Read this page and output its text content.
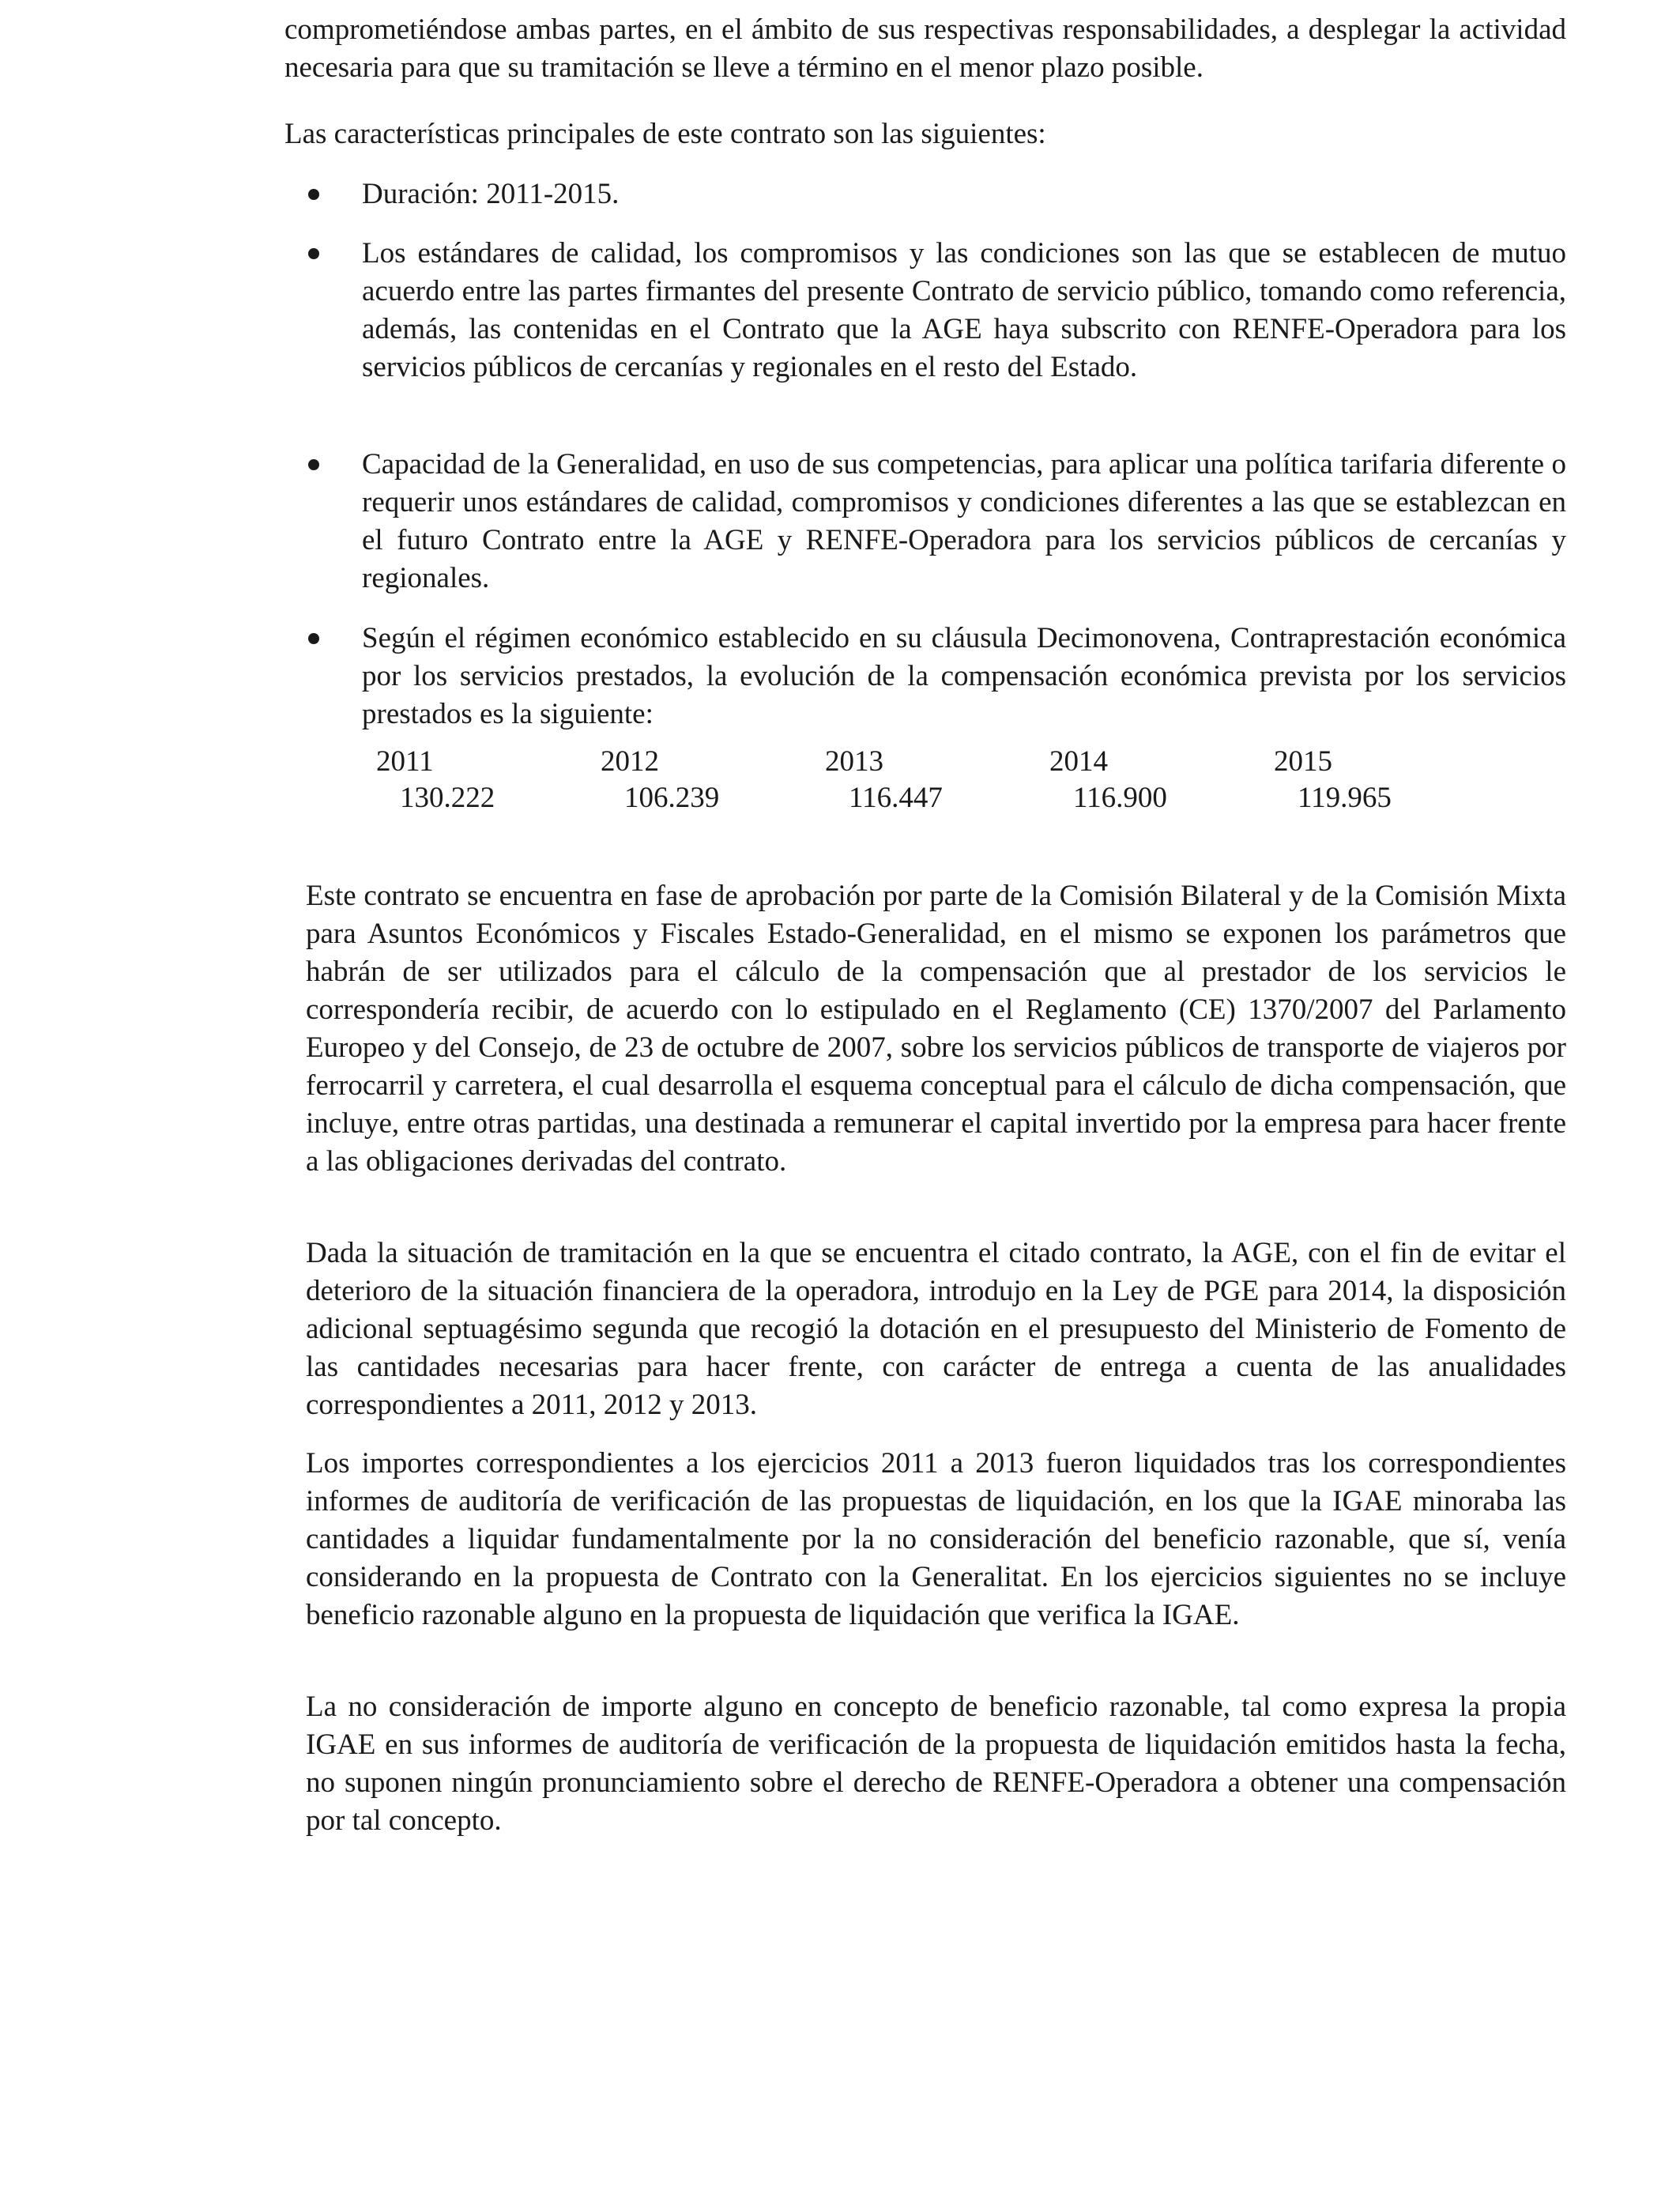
comprometiéndose ambas partes, en el ámbito de sus respectivas responsabilidades, a desplegar la actividad necesaria para que su tramitación se lleve a término en el menor plazo posible.

Las características principales de este contrato son las siguientes:

Duración: 2011-2015.

Los estándares de calidad, los compromisos y las condiciones son las que se establecen de mutuo acuerdo entre las partes firmantes del presente Contrato de servicio público, tomando como referencia, además, las contenidas en el Contrato que la AGE haya subscrito con RENFE-Operadora para los servicios públicos de cercanías y regionales en el resto del Estado.

Capacidad de la Generalidad, en uso de sus competencias, para aplicar una política tarifaria diferente o requerir unos estándares de calidad, compromisos y condiciones diferentes a las que se establezcan en el futuro Contrato entre la AGE y RENFE-Operadora para los servicios públicos de cercanías y regionales.

Según el régimen económico establecido en su cláusula Decimonovena, Contraprestación económica por los servicios prestados, la evolución de la compensación económica prevista por los servicios prestados es la siguiente:

2011	2012	2013	2014	2015
130.222	106.239	116.447	116.900	119.965

Este contrato se encuentra en fase de aprobación por parte de la Comisión Bilateral y de la Comisión Mixta para Asuntos Económicos y Fiscales Estado-Generalidad, en el mismo se exponen los parámetros que habrán de ser utilizados para el cálculo de la compensación que al prestador de los servicios le correspondería recibir, de acuerdo con lo estipulado en el Reglamento (CE) 1370/2007 del Parlamento Europeo y del Consejo, de 23 de octubre de 2007, sobre los servicios públicos de transporte de viajeros por ferrocarril y carretera, el cual desarrolla el esquema conceptual para el cálculo de dicha compensación, que incluye, entre otras partidas, una destinada a remunerar el capital invertido por la empresa para hacer frente a las obligaciones derivadas del contrato.

Dada la situación de tramitación en la que se encuentra el citado contrato, la AGE, con el fin de evitar el deterioro de la situación financiera de la operadora, introdujo en la Ley de PGE para 2014, la disposición adicional septuagésimo segunda que recogió la dotación en el presupuesto del Ministerio de Fomento de las cantidades necesarias para hacer frente, con carácter de entrega a cuenta de las anualidades correspondientes a 2011, 2012 y 2013.

Los importes correspondientes a los ejercicios 2011 a 2013 fueron liquidados tras los correspondientes informes de auditoría de verificación de las propuestas de liquidación, en los que la IGAE minoraba las cantidades a liquidar fundamentalmente por la no consideración del beneficio razonable, que sí, venía considerando en la propuesta de Contrato con la Generalitat. En los ejercicios siguientes no se incluye beneficio razonable alguno en la propuesta de liquidación que verifica la IGAE.

La no consideración de importe alguno en concepto de beneficio razonable, tal como expresa la propia IGAE en sus informes de auditoría de verificación de la propuesta de liquidación emitidos hasta la fecha, no suponen ningún pronunciamiento sobre el derecho de RENFE-Operadora a obtener una compensación por tal concepto.
